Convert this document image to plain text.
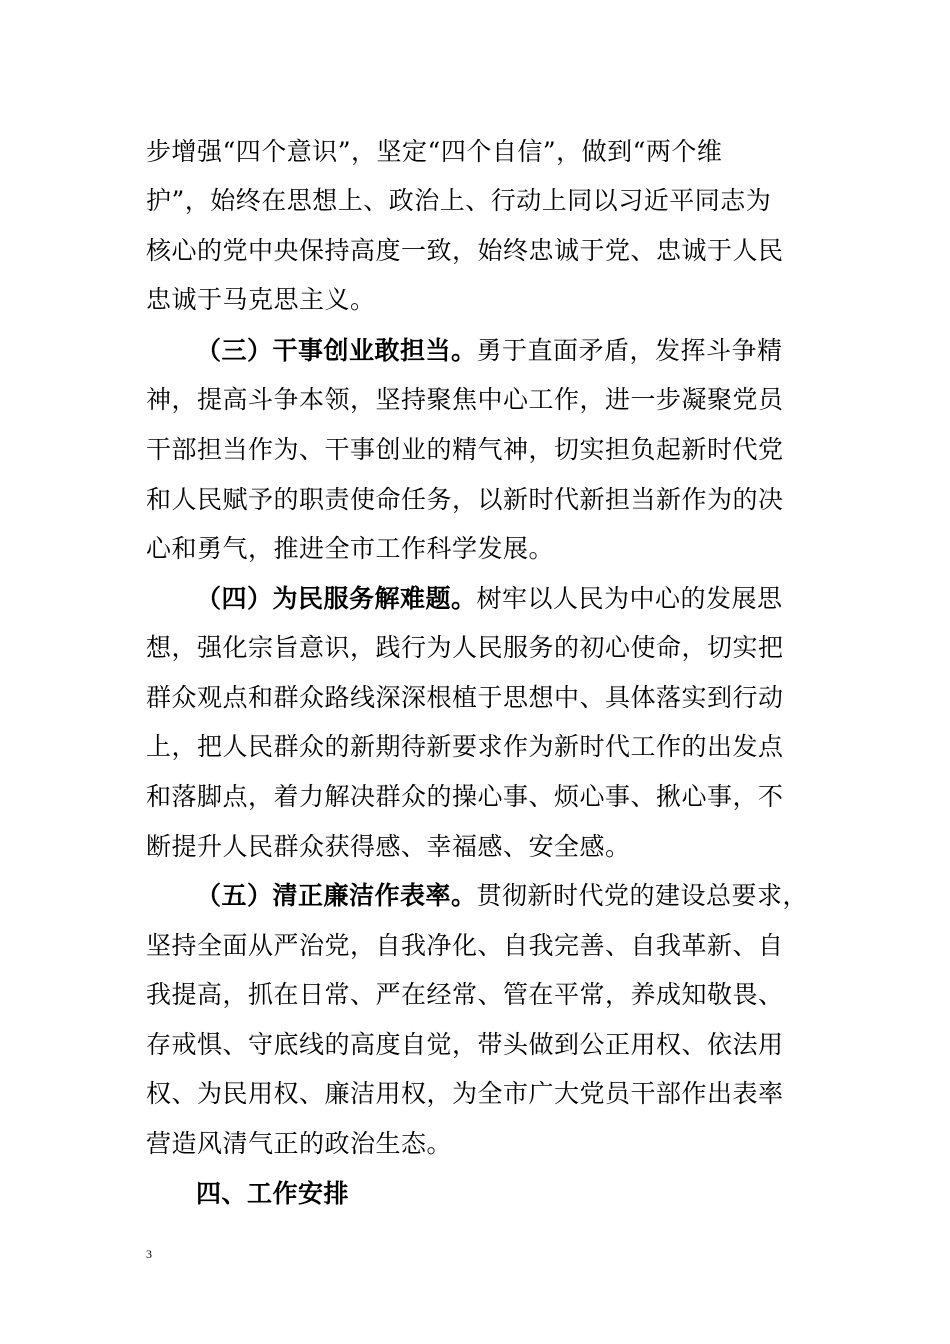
步增强“四个意识”，坚定“四个自信”，做到“两个维
护”，始终在思想上、政治上、行动上同以习近平同志为
核心的党中央保持高度一致，始终忠诚于党、忠诚于人民
忠诚于马克思主义。
（三）干事创业敢担当。勇于直面矛盾，发挥斗争精
神，提高斗争本领，坚持聚焦中心工作，进一步凝聚党员
干部担当作为、干事创业的精气神，切实担负起新时代党
和人民赋予的职责使命任务，以新时代新担当新作为的决
心和勇气，推进全市工作科学发展。
（四）为民服务解难题。树牢以人民为中心的发展思
想，强化宗旨意识，践行为人民服务的初心使命，切实把
群众观点和群众路线深深根植于思想中、具体落实到行动
上，把人民群众的新期待新要求作为新时代工作的出发点
和落脚点，着力解决群众的操心事、烦心事、揪心事，不
断提升人民群众获得感、幸福感、安全感。
（五）清正廉洁作表率。贯彻新时代党的建设总要求，
坚持全面从严治党，自我净化、自我完善、自我革新、自
我提高，抓在日常、严在经常、管在平常，养成知敬畏、
存戒惧、守底线的高度自觉，带头做到公正用权、依法用
权、为民用权、廉洁用权，为全市广大党员干部作出表率
营造风清气正的政治生态。
四、工作安排
3
